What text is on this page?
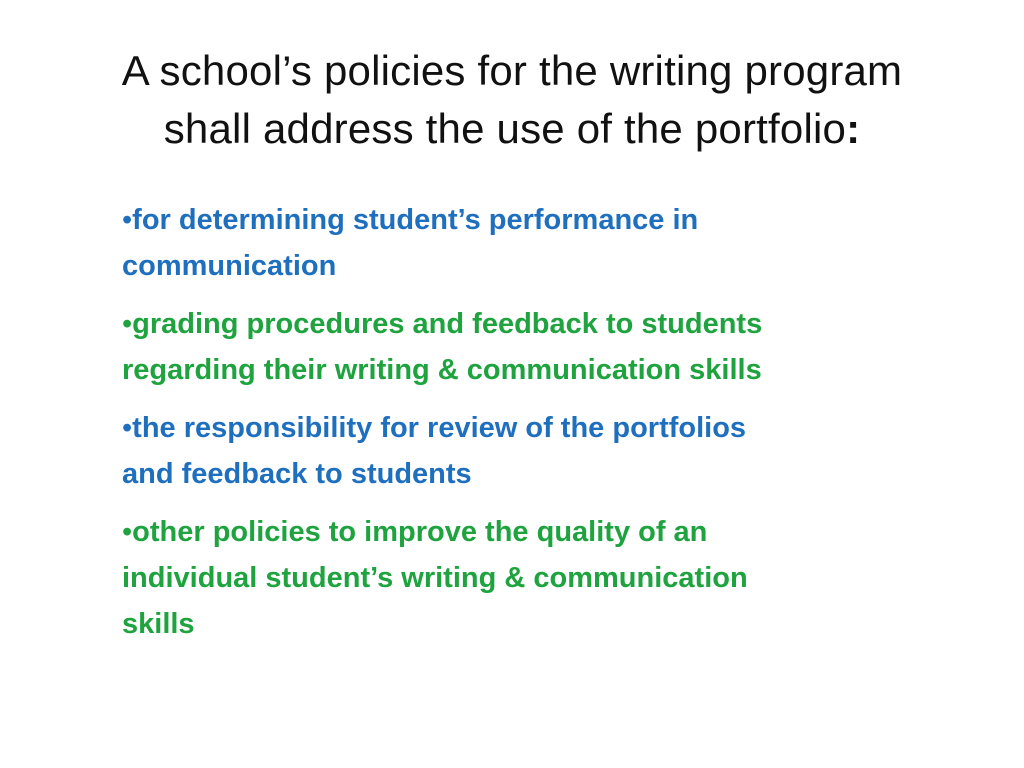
A school’s policies for the writing program
shall address the use of the portfolio:
•for determining student’s performance in
communication
•grading procedures and feedback to students
regarding their writing & communication skills
•the responsibility for review of the portfolios
and feedback to students
•other policies to improve the quality of an
individual student’s writing & communication
skills
